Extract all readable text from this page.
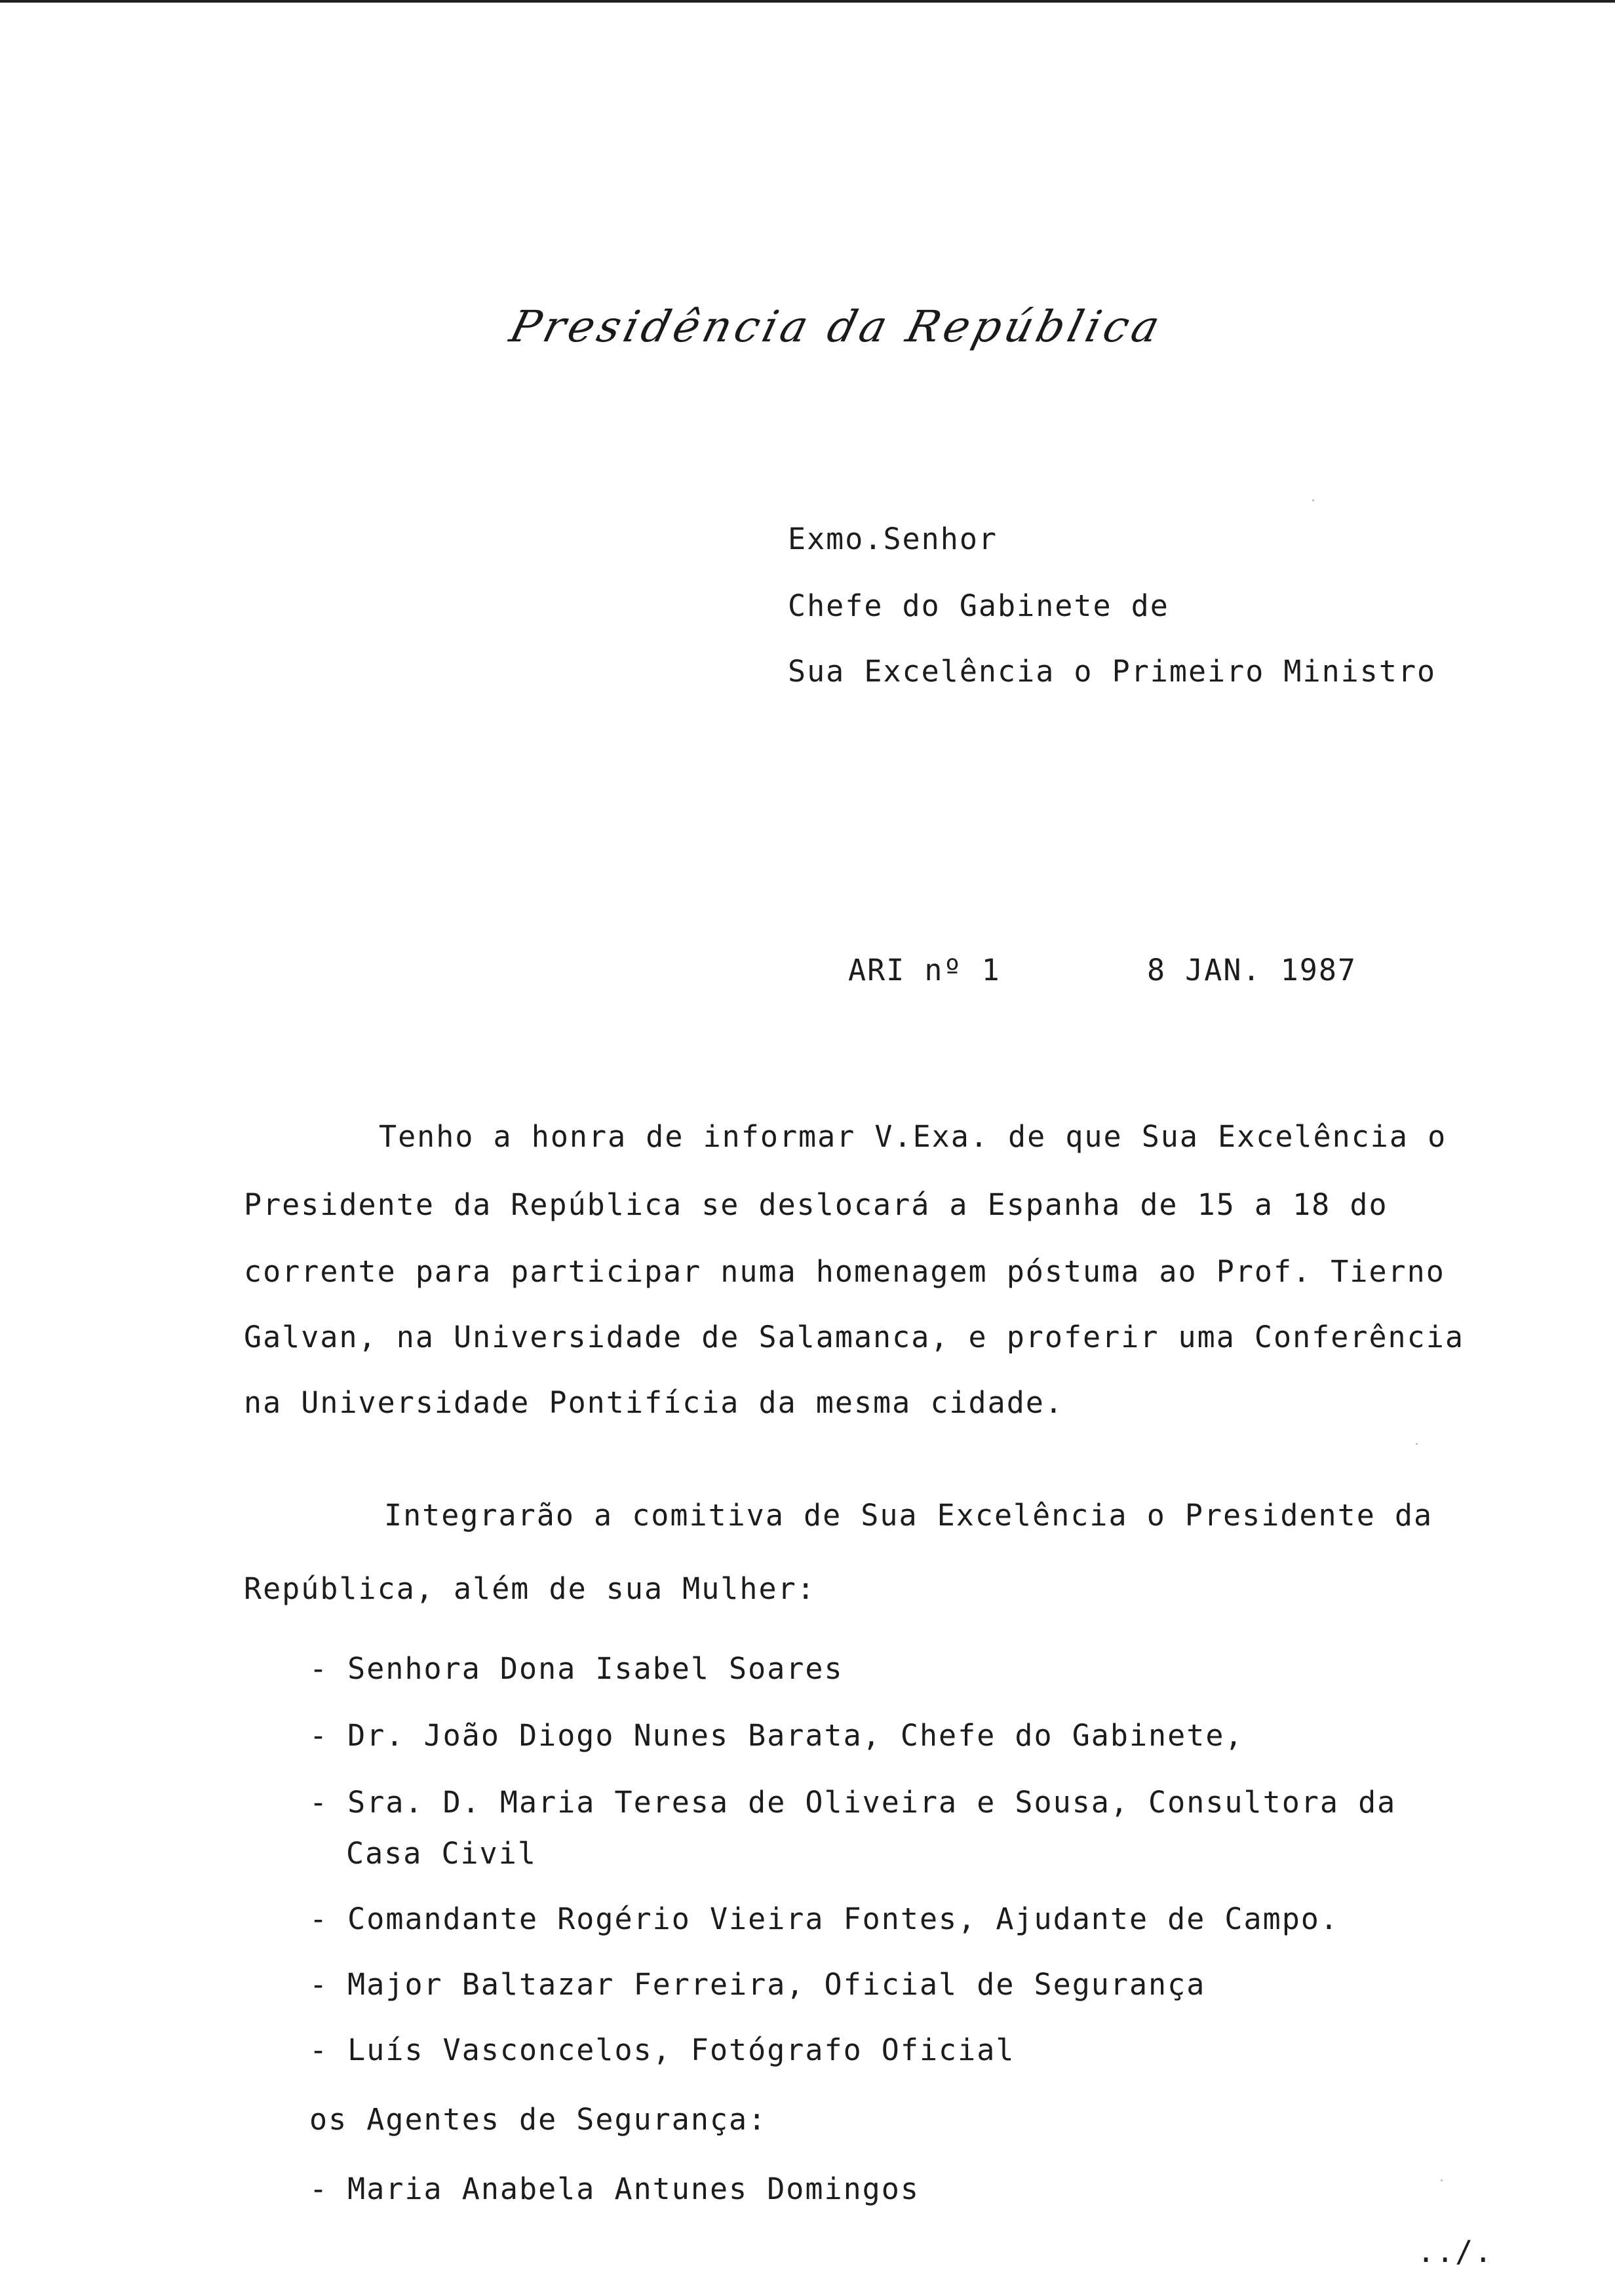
Presidência da República
Exmo.Senhor
Chefe do Gabinete de
Sua Excelência o Primeiro Ministro
ARI nº 1	8 JAN. 1987
Tenho a honra de informar V.Exa. de que Sua Excelência o
Presidente da República se deslocará a Espanha de 15 a 18 do
corrente para participar numa homenagem póstuma ao Prof. Tierno
Galvan, na Universidade de Salamanca, e proferir uma Conferência
na Universidade Pontifícia da mesma cidade.
Integrarão a comitiva de Sua Excelência o Presidente da
República, além de sua Mulher:
- Senhora Dona Isabel Soares
- Dr. João Diogo Nunes Barata, Chefe do Gabinete,
- Sra. D. Maria Teresa de Oliveira e Sousa, Consultora da
Casa Civil
- Comandante Rogério Vieira Fontes, Ajudante de Campo.
- Major Baltazar Ferreira, Oficial de Segurança
- Luís Vasconcelos, Fotógrafo Oficial
os Agentes de Segurança:
- Maria Anabela Antunes Domingos
../.
